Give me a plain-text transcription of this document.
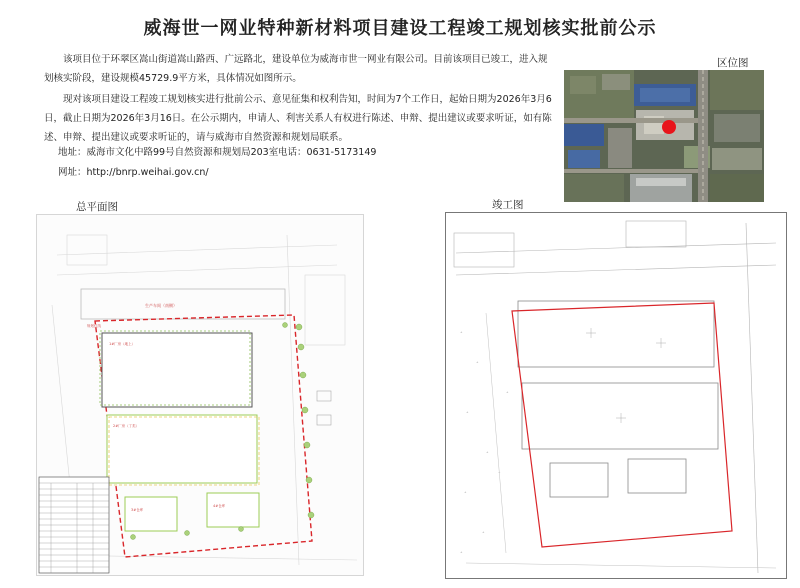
威海世一网业特种新材料项目建设工程竣工规划核实批前公示

该项目位于环翠区嵩山街道嵩山路西、广远路北，建设单位为威海市世一网业有限公司。目前该项目已竣工，进入规划核实阶段，建设规模45729.9平方米，具体情况如图所示。

现对该项目建设工程竣工规划核实进行批前公示、意见征集和权利告知，时间为7个工作日，起始日期为2026年3月6日，截止日期为2026年3月16日。在公示期内，申请人、利害关系人有权进行陈述、申辩、提出建议或要求听证，如有陈述、申辩、提出建议或要求听证的，请与威海市自然资源和规划局联系。

地址：威海市文化中路99号自然资源和规划局203室 电话：0631-5173149
网址：http://bnrp.weihai.gov.cn/
区位图
总平面图	竣工图
生产车间（南侧）
规划红线
1#厂房（地上）
2#厂房（丁类）
3#仓库
4#仓库
+
+
+
+
+
+
+
+
+
